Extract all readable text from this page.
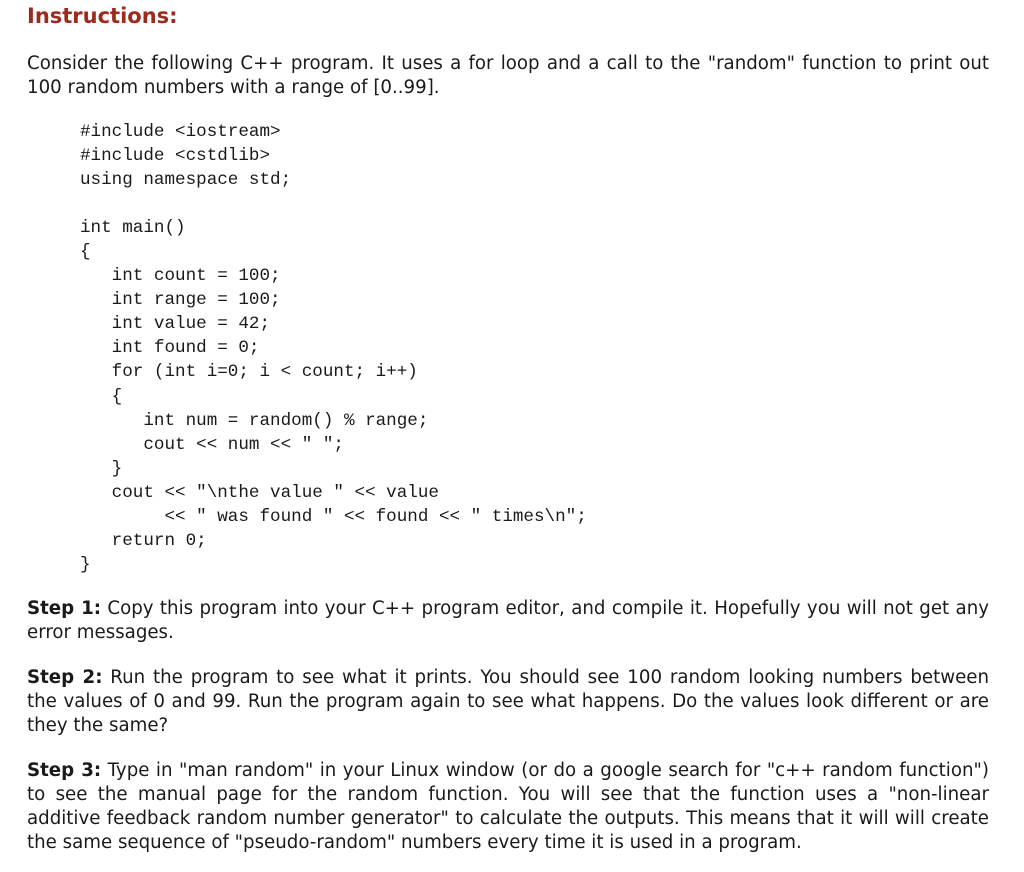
Instructions:
Consider the following C++ program. It uses a for loop and a call to the "random" function to print out 100 random numbers with a range of [0..99].
#include <iostream>
#include <cstdlib>
using namespace std;
int main()
{
int count = 100;
int range = 100;
int value = 42;
int found = 0;
for (int i=0; i < count; i++)
{
int num = random() % range;
cout << num << " ";
}
cout << "\nthe value " << value
<< " was found " << found << " times\n";
return 0;
}
Step 1: Copy this program into your C++ program editor, and compile it. Hopefully you will not get any error messages.
Step 2: Run the program to see what it prints. You should see 100 random looking numbers between the values of 0 and 99. Run the program again to see what happens. Do the values look different or are they the same?
Step 3: Type in "man random" in your Linux window (or do a google search for "c++ random function") to see the manual page for the random function. You will see that the function uses a "non-linear additive feedback random number generator" to calculate the outputs. This means that it will will create the same sequence of "pseudo-random" numbers every time it is used in a program.
